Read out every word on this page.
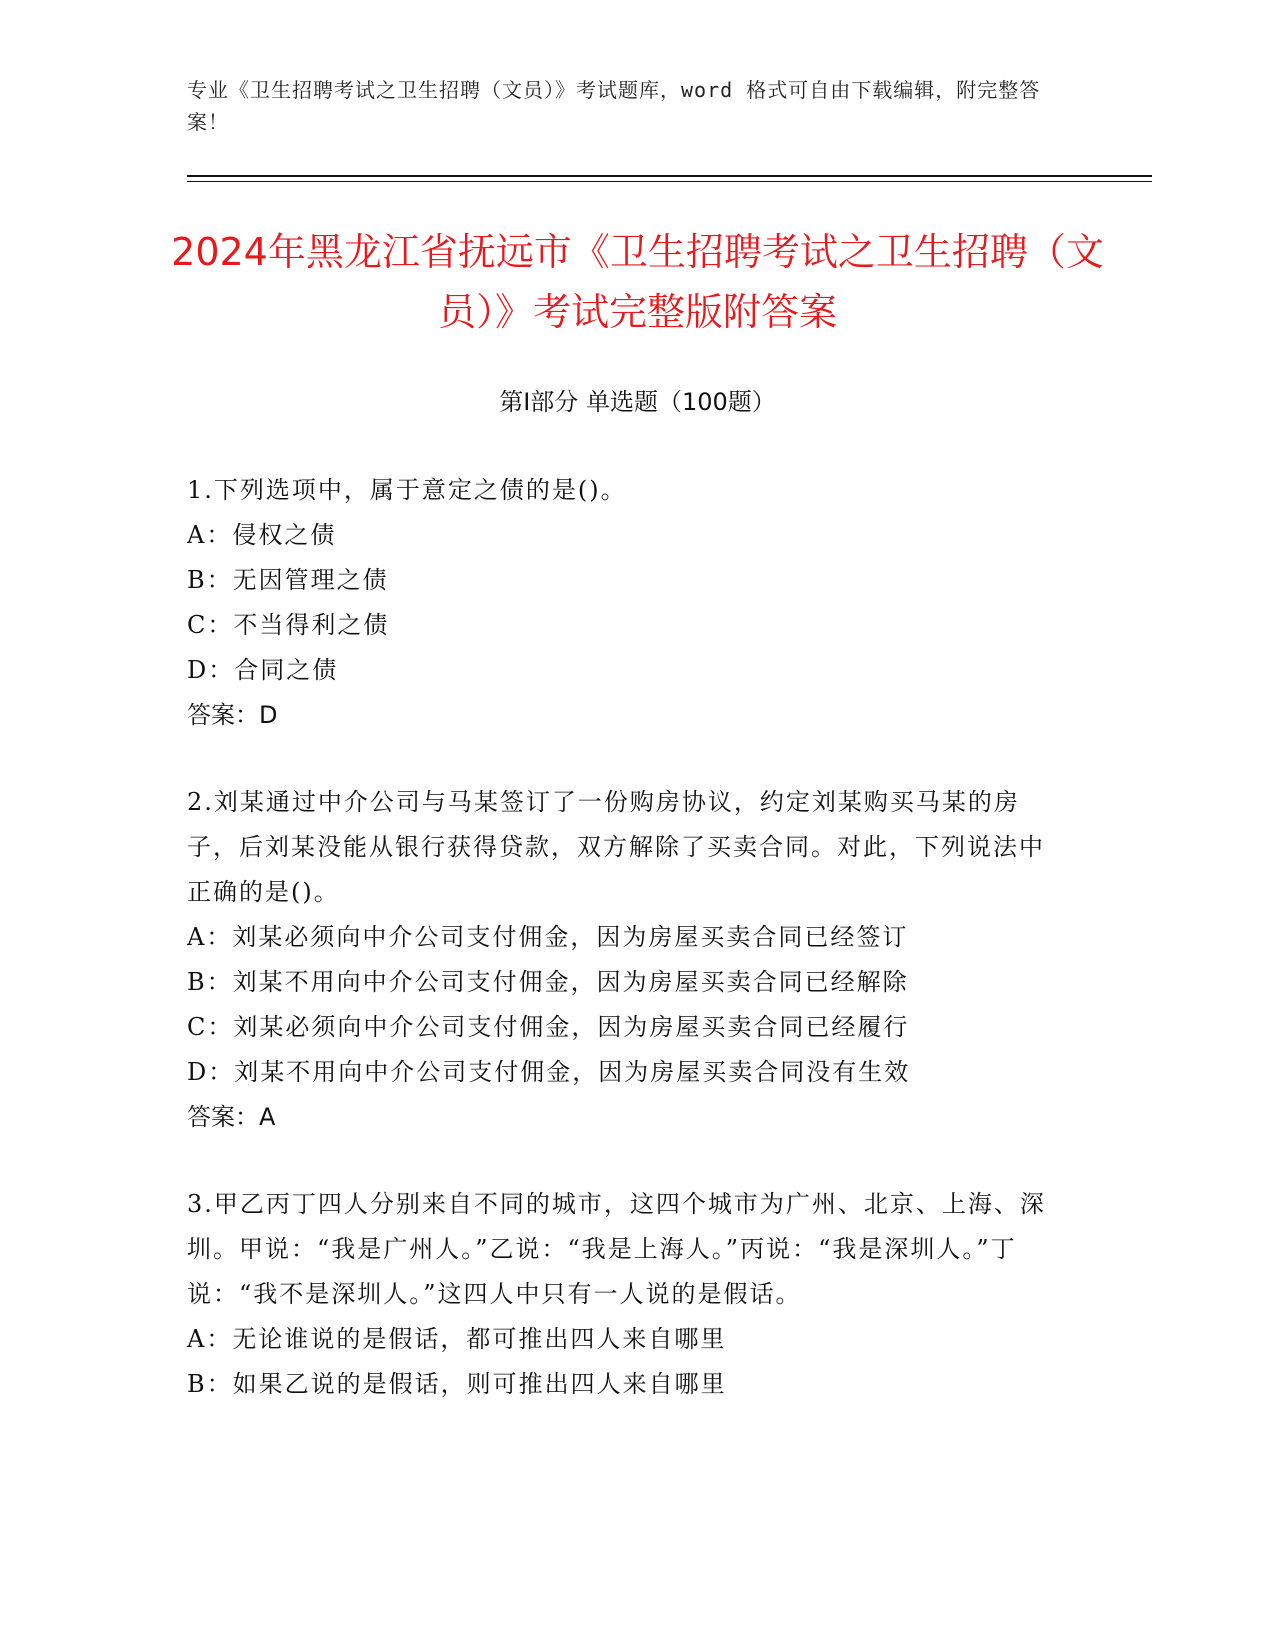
专业《卫生招聘考试之卫生招聘（文员）》考试题库，word 格式可自由下载编辑，附完整答案！
2024年黑龙江省抚远市《卫生招聘考试之卫生招聘（文员）》考试完整版附答案
第Ⅰ部分 单选题（100题）

1.下列选项中，属于意定之债的是()。

A：侵权之债

B：无因管理之债

C：不当得利之债

D：合同之债

答案：D

2.刘某通过中介公司与马某签订了一份购房协议，约定刘某购买马某的房子，后刘某没能从银行获得贷款，双方解除了买卖合同。对此，下列说法中正确的是()。

A：刘某必须向中介公司支付佣金，因为房屋买卖合同已经签订

B：刘某不用向中介公司支付佣金，因为房屋买卖合同已经解除

C：刘某必须向中介公司支付佣金，因为房屋买卖合同已经履行

D：刘某不用向中介公司支付佣金，因为房屋买卖合同没有生效

答案：A

3.甲乙丙丁四人分别来自不同的城市，这四个城市为广州、北京、上海、深圳。甲说：“我是广州人。”乙说：“我是上海人。”丙说：“我是深圳人。”丁说：“我不是深圳人。”这四人中只有一人说的是假话。

A：无论谁说的是假话，都可推出四人来自哪里

B：如果乙说的是假话，则可推出四人来自哪里
